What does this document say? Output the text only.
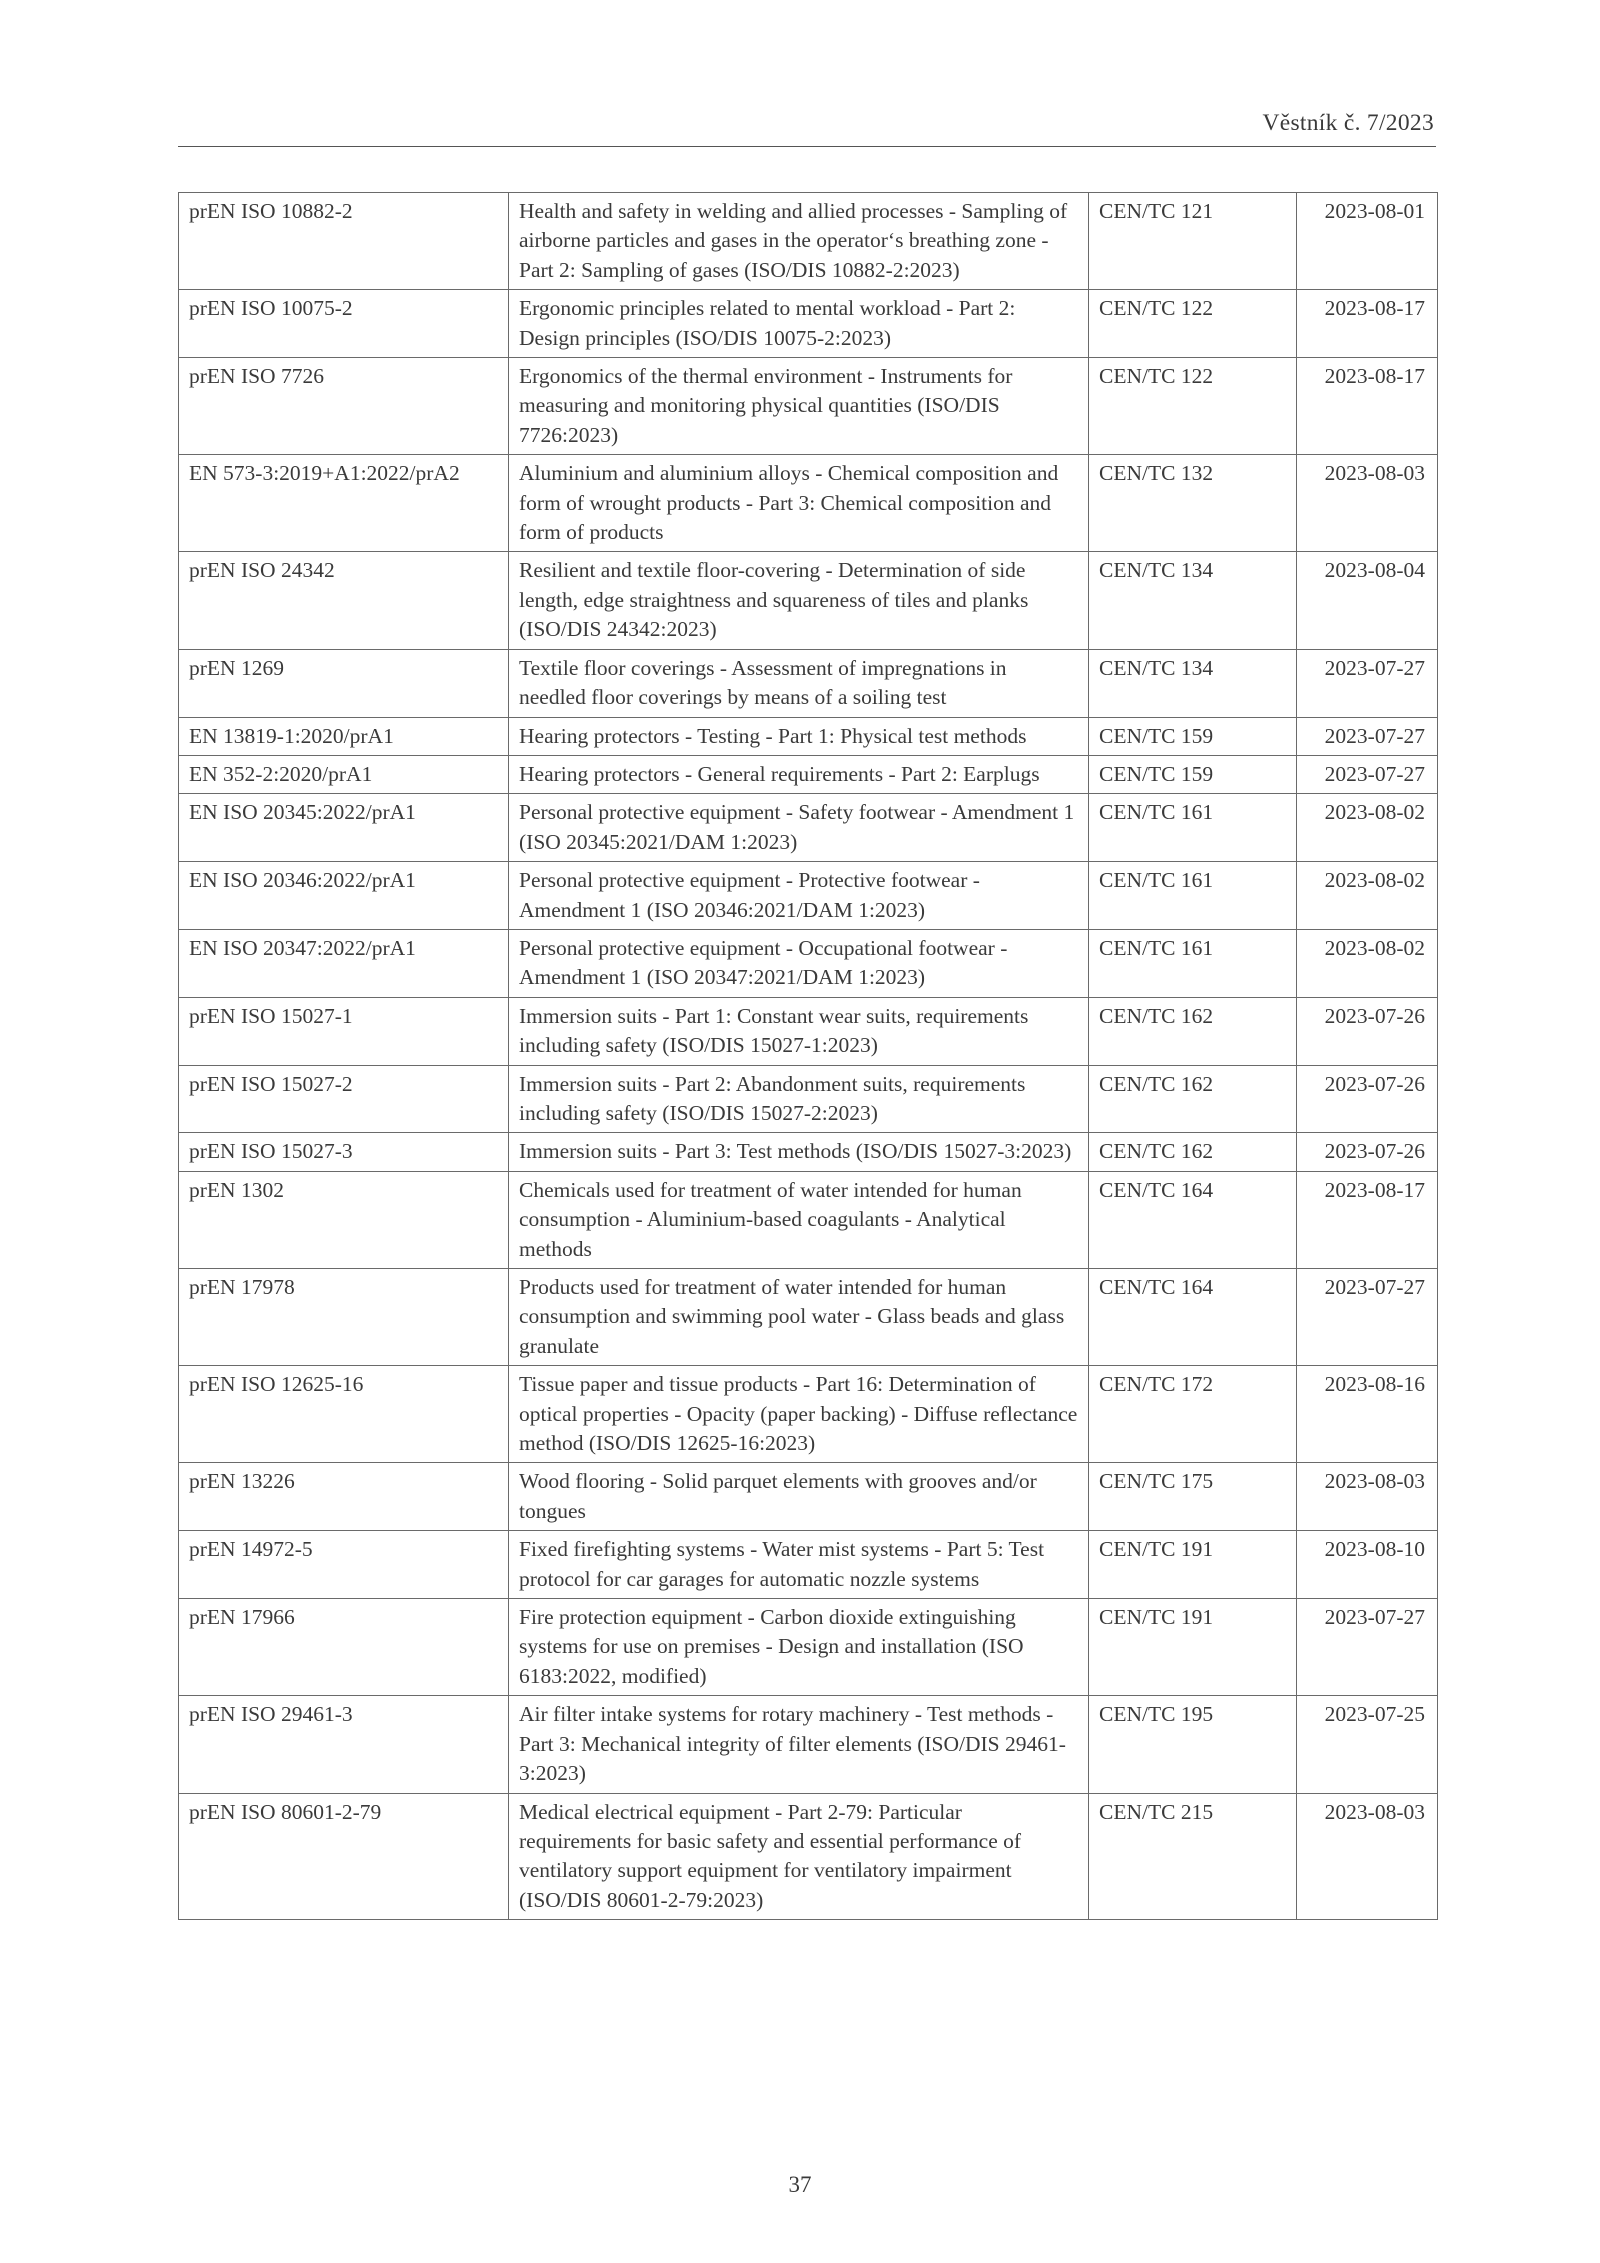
Věstník č. 7/2023
prEN ISO 10882-2	Health and safety in welding and allied processes - Sampling of airborne particles and gases in the operator‘s breathing zone - Part 2: Sampling of gases (ISO/DIS 10882-2:2023)	CEN/TC 121	2023-08-01
prEN ISO 10075-2	Ergonomic principles related to mental workload - Part 2: Design principles (ISO/DIS 10075-2:2023)	CEN/TC 122	2023-08-17
prEN ISO 7726	Ergonomics of the thermal environment - Instruments for measuring and monitoring physical quantities (ISO/DIS 7726:2023)	CEN/TC 122	2023-08-17
EN 573-3:2019+A1:2022/prA2	Aluminium and aluminium alloys - Chemical composition and form of wrought products - Part 3: Chemical composition and form of products	CEN/TC 132	2023-08-03
prEN ISO 24342	Resilient and textile floor-covering - Determination of side length, edge straightness and squareness of tiles and planks (ISO/DIS 24342:2023)	CEN/TC 134	2023-08-04
prEN 1269	Textile floor coverings - Assessment of impregnations in needled floor coverings by means of a soiling test	CEN/TC 134	2023-07-27
EN 13819-1:2020/prA1	Hearing protectors - Testing - Part 1: Physical test methods	CEN/TC 159	2023-07-27
EN 352-2:2020/prA1	Hearing protectors - General requirements - Part 2: Earplugs	CEN/TC 159	2023-07-27
EN ISO 20345:2022/prA1	Personal protective equipment - Safety footwear - Amendment 1 (ISO 20345:2021/DAM 1:2023)	CEN/TC 161	2023-08-02
EN ISO 20346:2022/prA1	Personal protective equipment - Protective footwear - Amendment 1 (ISO 20346:2021/DAM 1:2023)	CEN/TC 161	2023-08-02
EN ISO 20347:2022/prA1	Personal protective equipment - Occupational footwear - Amendment 1 (ISO 20347:2021/DAM 1:2023)	CEN/TC 161	2023-08-02
prEN ISO 15027-1	Immersion suits - Part 1: Constant wear suits, requirements including safety (ISO/DIS 15027-1:2023)	CEN/TC 162	2023-07-26
prEN ISO 15027-2	Immersion suits - Part 2: Abandonment suits, requirements including safety (ISO/DIS 15027-2:2023)	CEN/TC 162	2023-07-26
prEN ISO 15027-3	Immersion suits - Part 3: Test methods (ISO/DIS 15027-3:2023)	CEN/TC 162	2023-07-26
prEN 1302	Chemicals used for treatment of water intended for human consumption - Aluminium-based coagulants - Analytical methods	CEN/TC 164	2023-08-17
prEN 17978	Products used for treatment of water intended for human consumption and swimming pool water - Glass beads and glass granulate	CEN/TC 164	2023-07-27
prEN ISO 12625-16	Tissue paper and tissue products - Part 16: Determination of optical properties - Opacity (paper backing) - Diffuse reflectance method (ISO/DIS 12625-16:2023)	CEN/TC 172	2023-08-16
prEN 13226	Wood flooring - Solid parquet elements with grooves and/or tongues	CEN/TC 175	2023-08-03
prEN 14972-5	Fixed firefighting systems - Water mist systems - Part 5: Test protocol for car garages for automatic nozzle systems	CEN/TC 191	2023-08-10
prEN 17966	Fire protection equipment - Carbon dioxide extinguishing systems for use on premises - Design and installation (ISO 6183:2022, modified)	CEN/TC 191	2023-07-27
prEN ISO 29461-3	Air filter intake systems for rotary machinery - Test methods - Part 3: Mechanical integrity of filter elements (ISO/DIS 29461-3:2023)	CEN/TC 195	2023-07-25
prEN ISO 80601-2-79	Medical electrical equipment - Part 2-79: Particular requirements for basic safety and essential performance of ventilatory support equipment for ventilatory impairment (ISO/DIS 80601-2-79:2023)	CEN/TC 215	2023-08-03
37
